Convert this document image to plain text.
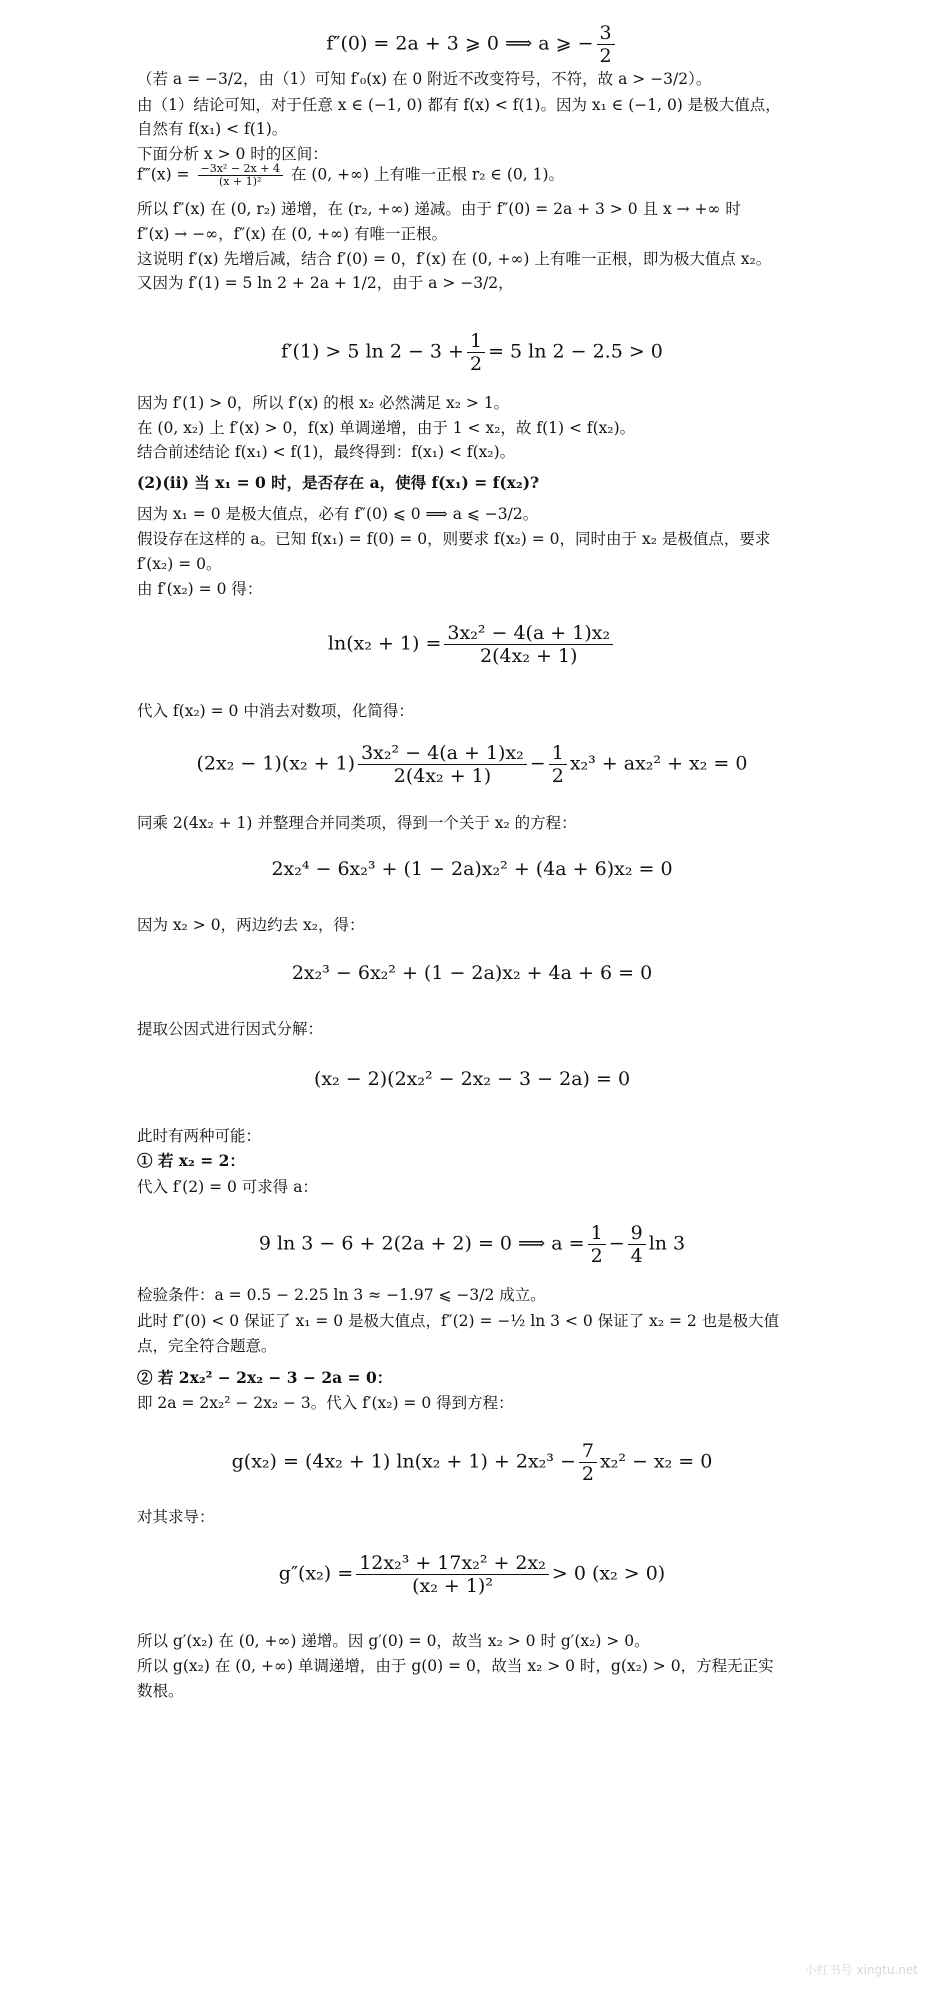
f″(0) = 2a + 3 ⩾ 0 ⟹ a ⩾ − $\frac{3}{2}$
（若 a = −3/2，由（1）可知 f′₀(x) 在 0 附近不改变符号，不符，故 a > −3/2）。
由（1）结论可知，对于任意 x ∈ (−1, 0) 都有 f(x) < f(1)。因为 x₁ ∈ (−1, 0) 是极大值点，
自然有 f(x₁) < f(1)。
下面分析 x > 0 时的区间：
f‴(x) = $\frac{\text{−3x² − 2x + 4}}{\text{(x + 1)²}}$ 在 (0, +∞) 上有唯一正根 r₂ ∈ (0, 1)。
所以 f″(x) 在 (0, r₂) 递增，在 (r₂, +∞) 递减。由于 f″(0) = 2a + 3 > 0 且 x → +∞ 时
f″(x) → −∞，f″(x) 在 (0, +∞) 有唯一正根。
这说明 f′(x) 先增后减，结合 f′(0) = 0，f′(x) 在 (0, +∞) 上有唯一正根，即为极大值点 x₂。
又因为 f′(1) = 5 ln 2 + 2a + 1/2，由于 a > −3/2，
f′(1) > 5 $\ln 2 - 3 + \frac{1}{2} = 5$ ln 2 − 2.5 > 0
因为 f′(1) > 0，所以 f′(x) 的根 x₂ 必然满足 x₂ > 1。
在 (0, x₂) 上 f′(x) > 0，f(x) 单调递增，由于 1 < x₂，故 f(1) < f(x₂)。
结合前述结论 f(x₁) < f(1)，最终得到：f(x₁) < f(x₂)。
(2)(ii) 当 x₁ = 0 时，是否存在 a，使得 f(x₁) = f(x₂)?
因为 x₁ = 0 是极大值点，必有 f″(0) ⩽ 0 ⟹ a ⩽ −3/2。
假设存在这样的 a。已知 f(x₁) = f(0) = 0，则要求 f(x₂) = 0，同时由于 x₂ 是极值点，要求
f′(x₂) = 0。
由 f′(x₂) = 0 得：
$\ln(x_2 + 1) = \frac{\text{3x₂² − 4(a + 1)x₂}}{\text{2(4x₂ + 1)}}$
代入 f(x₂) = 0 中消去对数项，化简得：
$(2x_2 - 1)(x_2 + 1) \frac{\text{3x₂² − 4(a + 1)x₂}}{\text{2(4x₂ + 1)}} - \frac{1}{2} x_2^3 + ax_2^2 + x_2 = 0$
同乘 2(4x₂ + 1) 并整理合并同类项，得到一个关于 x₂ 的方程：
2x₂⁴ − 6x₂³ + (1 − 2a)x₂² + (4a + 6)x₂ = 0
因为 x₂ > 0，两边约去 x₂，得：
2x₂³ − 6x₂² + (1 − 2a)x₂ + 4a + 6 = 0
提取公因式进行因式分解：
(x₂ − 2)(2x₂² − 2x₂ − 3 − 2a) = 0
此时有两种可能：
① 若 x₂ = 2：
代入 f′(2) = 0 可求得 a：
9 ln 3 − 6 + 2(2a + 2) = 0 ⟹ $a = \frac{1}{2} - \frac{9}{4}$ ln 3
检验条件：a = 0.5 − 2.25 ln 3 ≈ −1.97 ⩽ −3/2 成立。
此时 f″(0) < 0 保证了 x₁ = 0 是极大值点，f″(2) = −½ ln 3 < 0 保证了 x₂ = 2 也是极大值
点，完全符合题意。
② 若 2x₂² − 2x₂ − 3 − 2a = 0：
即 2a = 2x₂² − 2x₂ − 3。代入 f′(x₂) = 0 得到方程：
g(x₂) = (4x₂ + 1) $\ln(x_2 + 1) + 2x_2^3 - \frac{7}{2} x_2^2 - x_2 = 0$
对其求导：
$g''(x_2) = \frac{\text{12x₂³ + 17x₂² + 2x₂}}{\text{(x₂ + 1)²}} > 0$ (x₂ > 0)
所以 g′(x₂) 在 (0, +∞) 递增。因 g′(0) = 0，故当 x₂ > 0 时 g′(x₂) > 0。
所以 g(x₂) 在 (0, +∞) 单调递增，由于 g(0) = 0，故当 x₂ > 0 时，g(x₂) > 0，方程无正实
数根。
小红书号 xingtu.net
